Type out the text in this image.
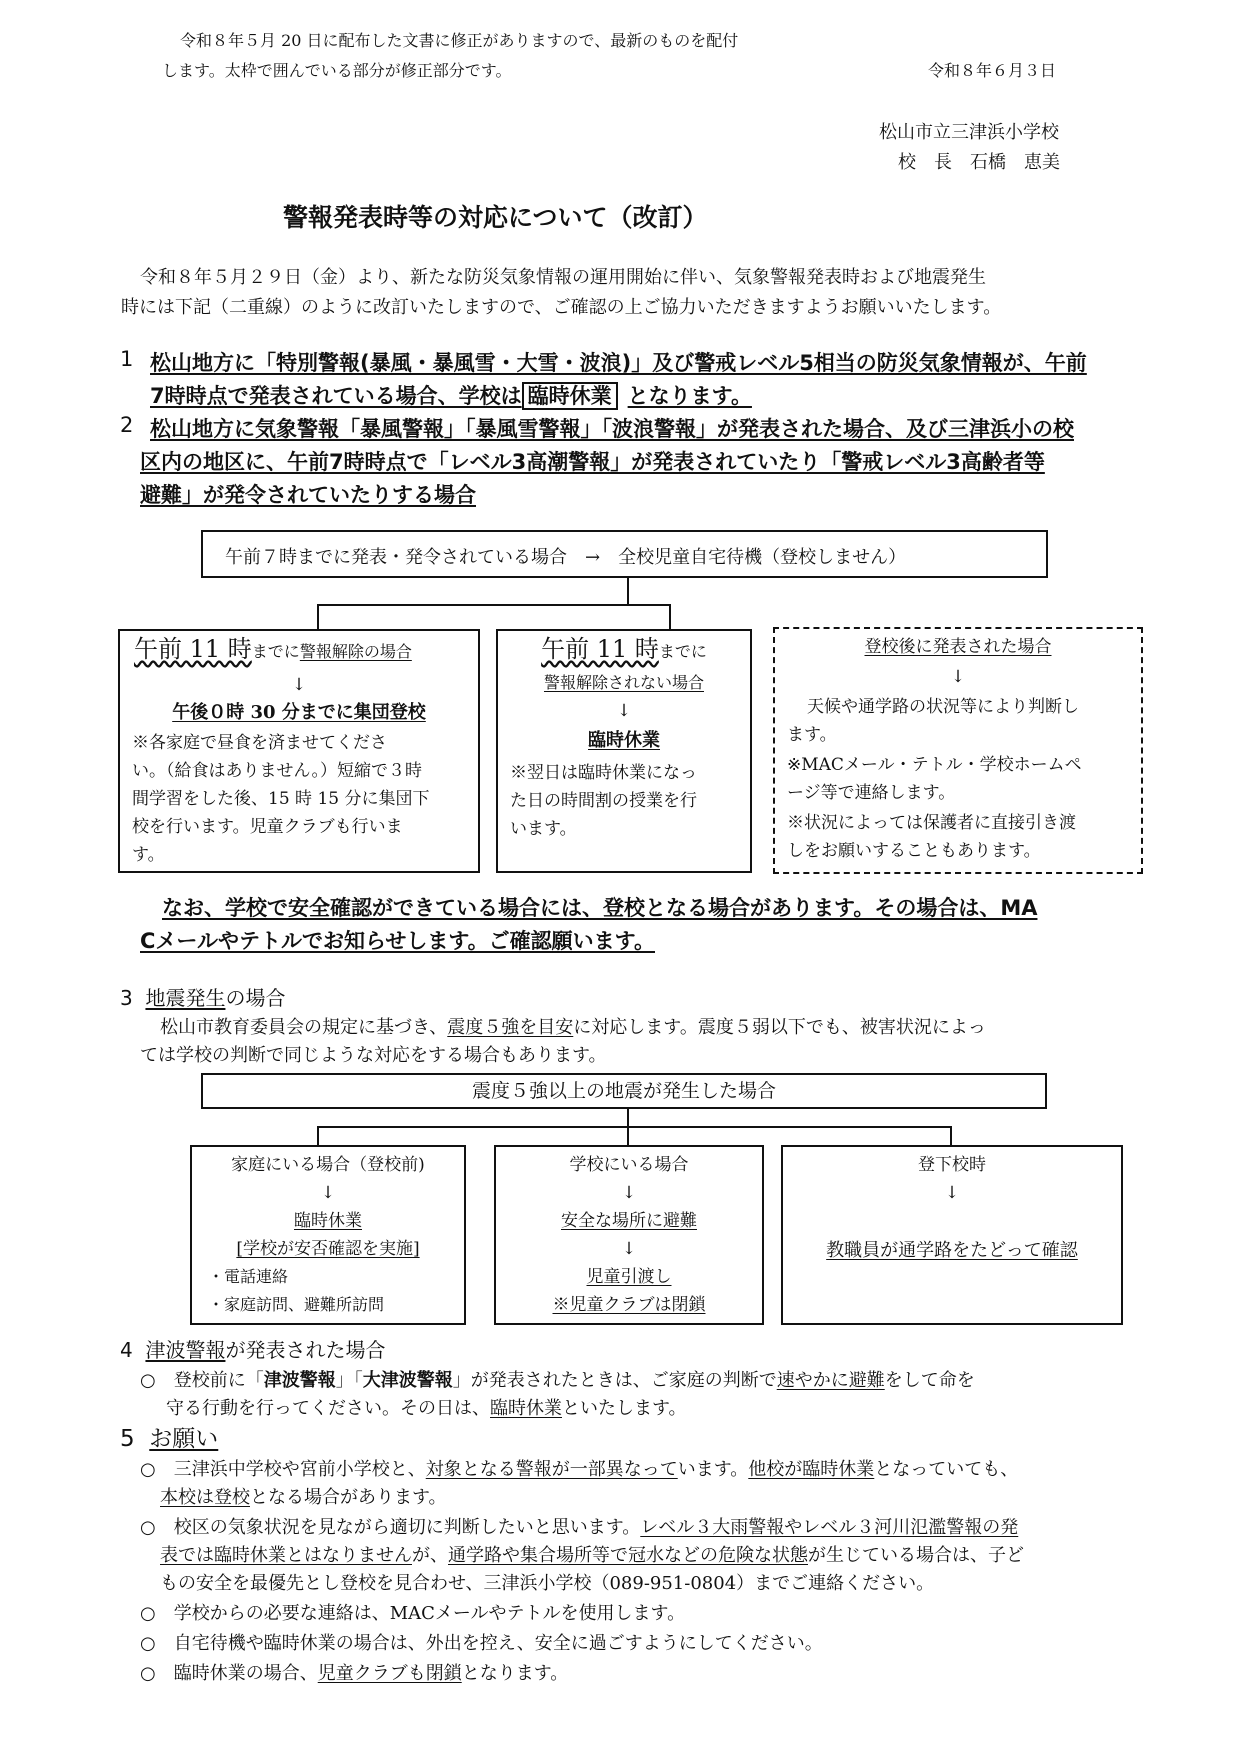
令和８年５月 20 日に配布した文書に修正がありますので、最新のものを配付
します。太枠で囲んでいる部分が修正部分です。	令和８年６月３日
松山市立三津浜小学校
校　長　石橋　恵美
警報発表時等の対応について（改訂）
令和８年５月２９日（金）より、新たな防災気象情報の運用開始に伴い、気象警報発表時および地震発生
時には下記（二重線）のように改訂いたしますので、ご確認の上ご協力いただきますようお願いいたします。
1 松山地方に「特別警報(暴風・暴風雪・大雪・波浪)」及び警戒レベル5相当の防災気象情報が、午前
7時時点で発表されている場合、学校は 臨時休業 となります。
2 松山地方に気象警報「暴風警報」「暴風雪警報」「波浪警報」が発表された場合、及び三津浜小の校
区内の地区に、午前7時時点で「レベル3高潮警報」が発表されていたり「警戒レベル3高齢者等
避難」が発令されていたりする場合
午前７時までに発表・発令されている場合　→　全校児童自宅待機（登校しません）
午前 11 時までに警報解除の場合
↓
午後０時 30 分までに集団登校
※各家庭で昼食を済ませてくださ
い。（給食はありません。）短縮で３時
間学習をした後、15 時 15 分に集団下
校を行います。児童クラブも行いま
す。
午前 11 時までに
警報解除されない場合
↓
臨時休業
※翌日は臨時休業になっ
た日の時間割の授業を行
います。
登校後に発表された場合
↓
天候や通学路の状況等により判断し
ます。
※MACメール・テトル・学校ホームペ
ージ等で連絡します。
※状況によっては保護者に直接引き渡
しをお願いすることもあります。
なお、学校で安全確認ができている場合には、登校となる場合があります。その場合は、MA
Cメールやテトルでお知らせします。ご確認願います。
3 地震発生の場合
松山市教育委員会の規定に基づき、震度５強を目安に対応します。震度５弱以下でも、被害状況によっ
ては学校の判断で同じような対応をする場合もあります。
震度５強以上の地震が発生した場合
家庭にいる場合（登校前)
↓
臨時休業
[学校が安否確認を実施]
・電話連絡
・家庭訪問、避難所訪問
学校にいる場合
↓
安全な場所に避難
↓
児童引渡し
※児童クラブは閉鎖
登下校時
↓
教職員が通学路をたどって確認
4 津波警報が発表された場合
○　登校前に「津波警報」「大津波警報」が発表されたときは、ご家庭の判断で速やかに避難をして命を
守る行動を行ってください。その日は、臨時休業といたします。
5 お願い
○　三津浜中学校や宮前小学校と、対象となる警報が一部異なっています。他校が臨時休業となっていても、
本校は登校となる場合があります。
○　校区の気象状況を見ながら適切に判断したいと思います。レベル３大雨警報やレベル３河川氾濫警報の発
表では臨時休業とはなりませんが、通学路や集合場所等で冠水などの危険な状態が生じている場合は、子ど
もの安全を最優先とし登校を見合わせ、三津浜小学校（089-951-0804）までご連絡ください。
○　学校からの必要な連絡は、MACメールやテトルを使用します。
○　自宅待機や臨時休業の場合は、外出を控え、安全に過ごすようにしてください。
○　臨時休業の場合、児童クラブも閉鎖となります。
